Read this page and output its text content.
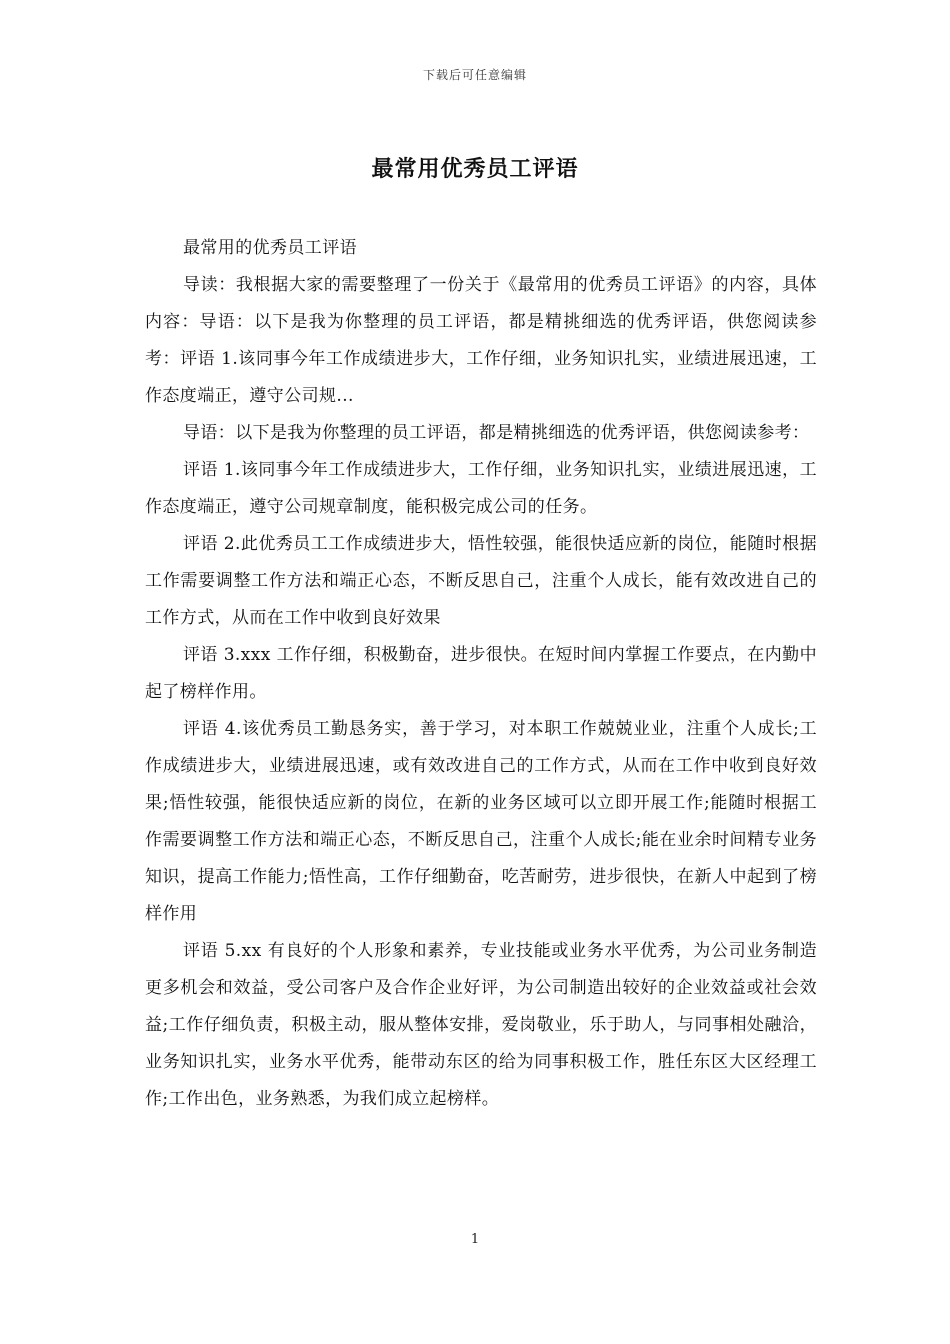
下载后可任意编辑
最常用优秀员工评语

最常用的优秀员工评语

导读：我根据大家的需要整理了一份关于《最常用的优秀员工评语》的内容，具体内容：导语：以下是我为你整理的员工评语，都是精挑细选的优秀评语，供您阅读参考：评语 1.该同事今年工作成绩进步大，工作仔细，业务知识扎实，业绩进展迅速，工作态度端正，遵守公司规...

导语：以下是我为你整理的员工评语，都是精挑细选的优秀评语，供您阅读参考：

评语 1.该同事今年工作成绩进步大，工作仔细，业务知识扎实，业绩进展迅速，工作态度端正，遵守公司规章制度，能积极完成公司的任务。

评语 2.此优秀员工工作成绩进步大，悟性较强，能很快适应新的岗位，能随时根据工作需要调整工作方法和端正心态，不断反思自己，注重个人成长，能有效改进自己的工作方式，从而在工作中收到良好效果

评语 3.xxx 工作仔细，积极勤奋，进步很快。在短时间内掌握工作要点，在内勤中起了榜样作用。

评语 4.该优秀员工勤恳务实，善于学习，对本职工作兢兢业业，注重个人成长;工作成绩进步大，业绩进展迅速，或有效改进自己的工作方式，从而在工作中收到良好效果;悟性较强，能很快适应新的岗位，在新的业务区域可以立即开展工作;能随时根据工作需要调整工作方法和端正心态，不断反思自己，注重个人成长;能在业余时间精专业务知识，提高工作能力;悟性高，工作仔细勤奋，吃苦耐劳，进步很快，在新人中起到了榜样作用

评语 5.xx 有良好的个人形象和素养，专业技能或业务水平优秀，为公司业务制造更多机会和效益，受公司客户及合作企业好评，为公司制造出较好的企业效益或社会效益;工作仔细负责，积极主动，服从整体安排，爱岗敬业，乐于助人，与同事相处融洽，业务知识扎实，业务水平优秀，能带动东区的给为同事积极工作，胜任东区大区经理工作;工作出色，业务熟悉，为我们成立起榜样。

1
